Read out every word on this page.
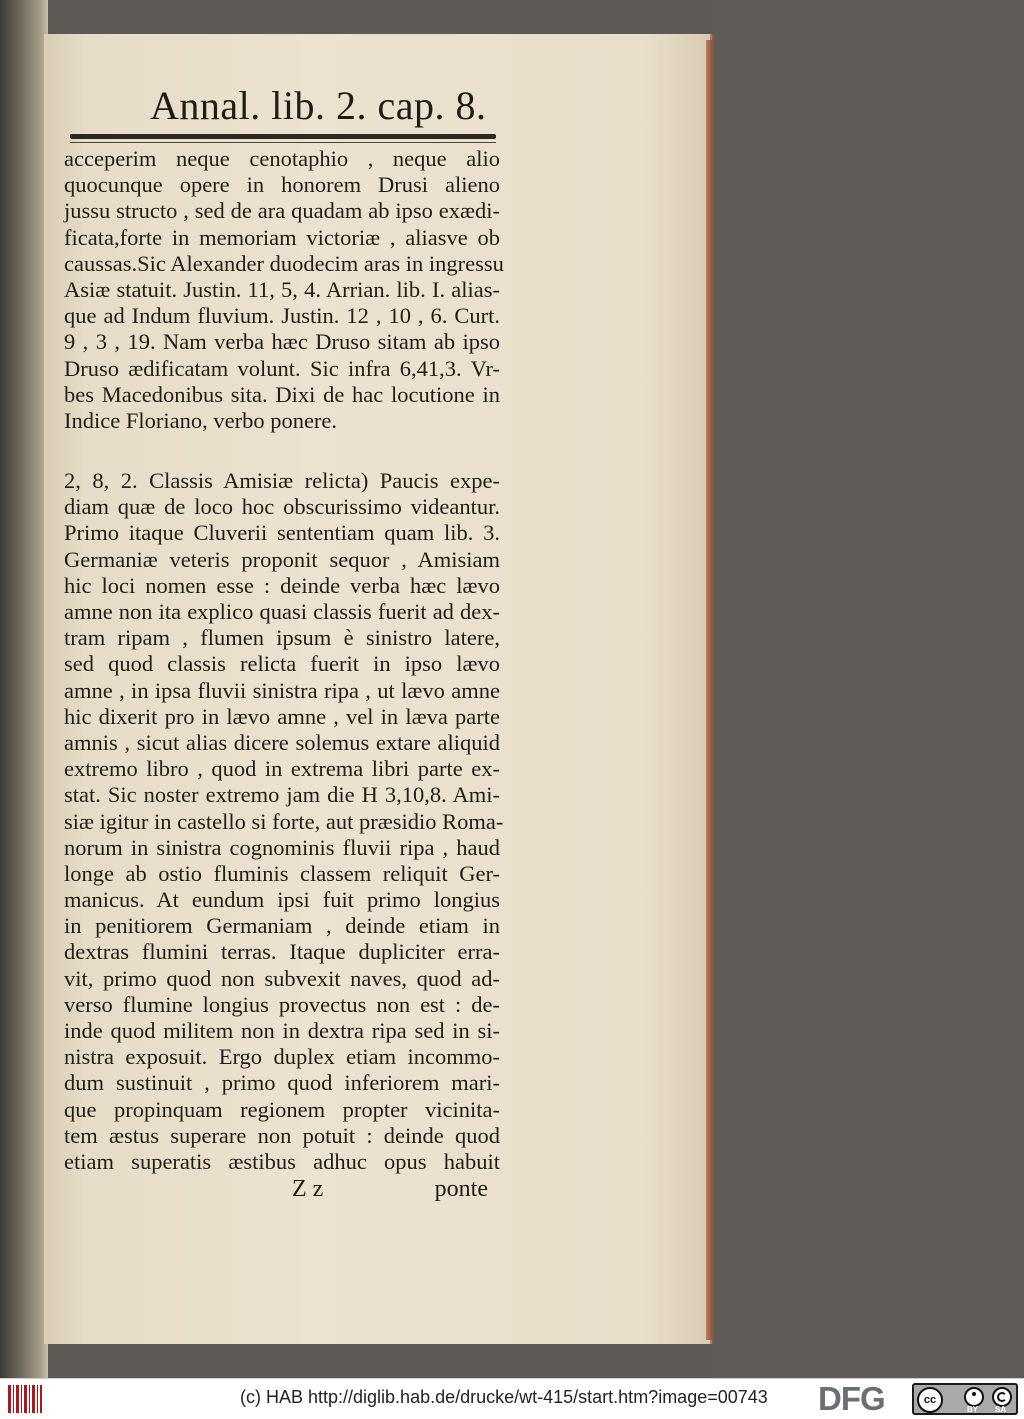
Annal. lib. 2. cap. 8.
acceperim neque cenotaphio , neque alio
quocunque opere in honorem Drusi alieno
jussu structo , sed de ara quadam ab ipso exædi-
ficata,forte in memoriam victoriæ , aliasve ob
caussas.Sic Alexander duodecim aras in ingressu
Asiæ statuit. Justin. 11, 5, 4. Arrian. lib. I. alias-
que ad Indum fluvium. Justin. 12 , 10 , 6. Curt.
9 , 3 , 19. Nam verba hæc Druso sitam ab ipso
Druso ædificatam volunt. Sic infra 6,41,3. Vr-
bes Macedonibus sita. Dixi de hac locutione in
Indice Floriano, verbo ponere.
2, 8, 2. Classis Amisiæ relicta) Paucis expe-
diam quæ de loco hoc obscurissimo videantur.
Primo itaque Cluverii sententiam quam lib. 3.
Germaniæ veteris proponit sequor , Amisiam
hic loci nomen esse : deinde verba hæc lævo
amne non ita explico quasi classis fuerit ad dex-
tram ripam , flumen ipsum è sinistro latere,
sed quod classis relicta fuerit in ipso lævo
amne , in ipsa fluvii sinistra ripa , ut lævo amne
hic dixerit pro in lævo amne , vel in læva parte
amnis , sicut alias dicere solemus extare aliquid
extremo libro , quod in extrema libri parte ex-
stat. Sic noster extremo jam die H 3,10,8. Ami-
siæ igitur in castello si forte, aut præsidio Roma-
norum in sinistra cognominis fluvii ripa , haud
longe ab ostio fluminis classem reliquit Ger-
manicus. At eundum ipsi fuit primo longius
in penitiorem Germaniam , deinde etiam in
dextras flumini terras. Itaque dupliciter erra-
vit, primo quod non subvexit naves, quod ad-
verso flumine longius provectus non est : de-
inde quod militem non in dextra ripa sed in si-
nistra exposuit. Ergo duplex etiam incommo-
dum sustinuit , primo quod inferiorem mari-
que propinquam regionem propter vicinita-
tem æstus superare non potuit : deinde quod
etiam superatis æstibus adhuc opus habuit
Z z	ponte
(c) HAB http://diglib.hab.de/drucke/wt-415/start.htm?image=00743	DFG	cc
BY SA
